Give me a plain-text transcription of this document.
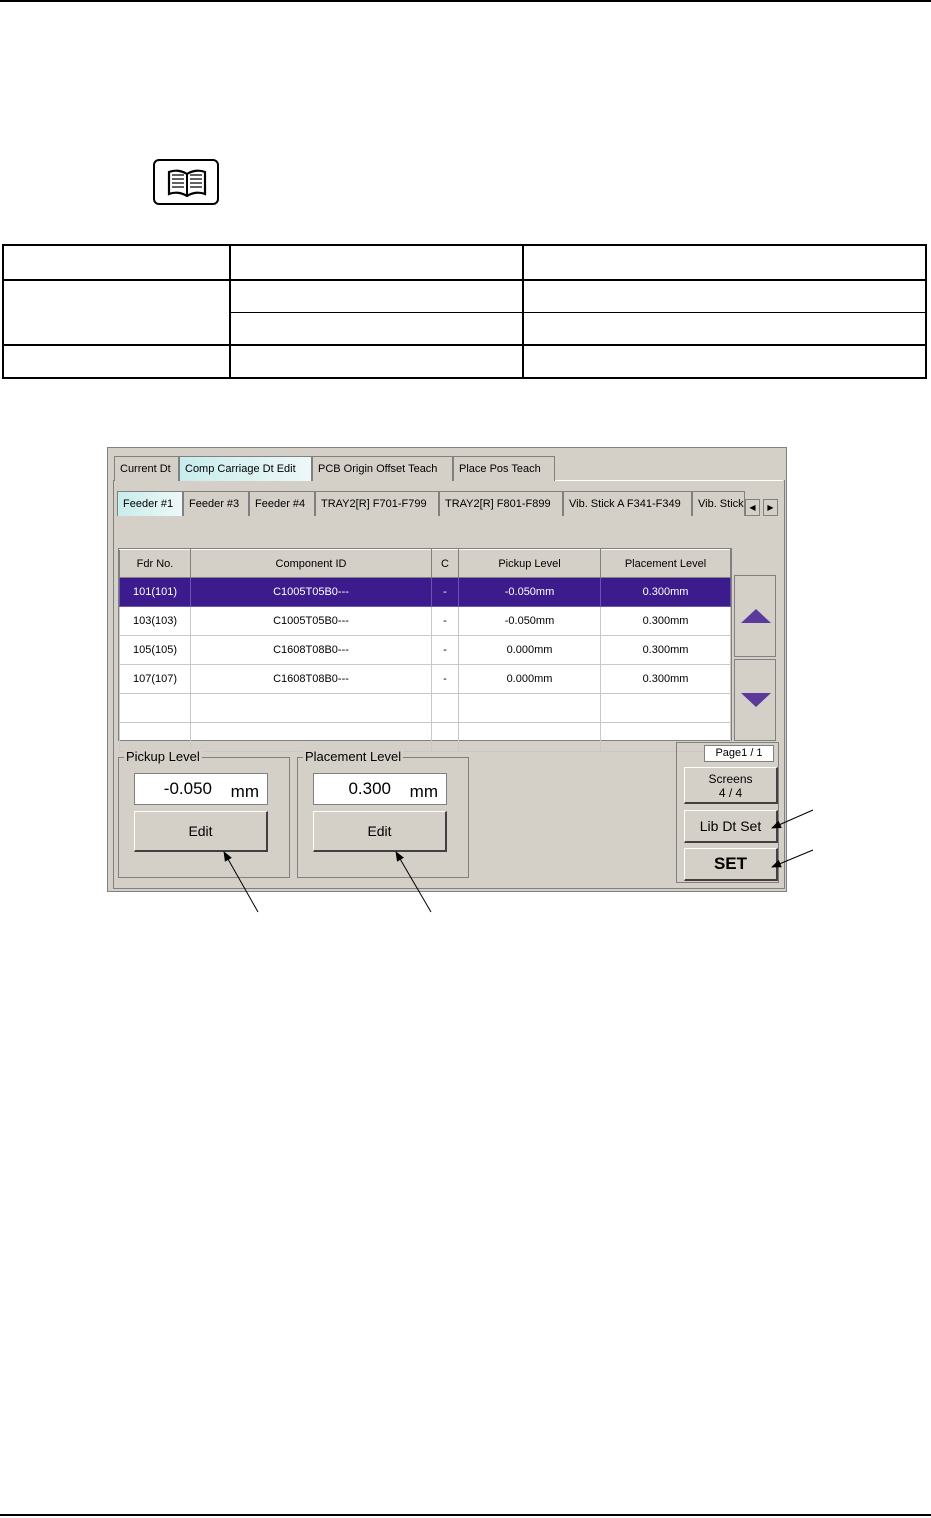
Current Dt	Comp Carriage Dt Edit	PCB Origin Offset Teach	Place Pos Teach
Feeder #1	Feeder #3	Feeder #4	TRAY2[R] F701-F799	TRAY2[R] F801-F899	Vib. Stick A F341-F349	Vib. Stick ◀	▶
Fdr No.	Component ID	C	Pickup Level	Placement Level
101(101)	C1005T05B0---	-	-0.050mm	0.300mm
103(103)	C1005T05B0---	-	-0.050mm	0.300mm
105(105)	C1608T08B0---	-	0.000mm	0.300mm
107(107)	C1608T08B0---	-	0.000mm	0.300mm

Pickup Level
-0.050 mm
Edit
Placement Level
0.300 mm
Edit
Page1 / 1
Screens
4 / 4
Lib Dt Set
SET
